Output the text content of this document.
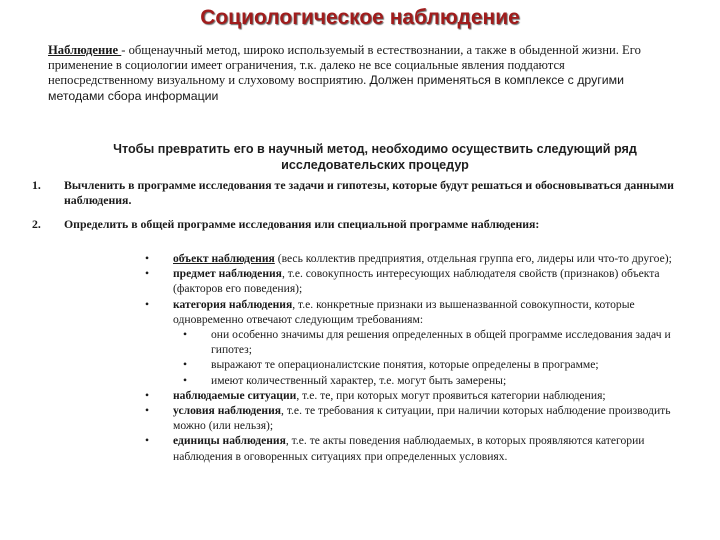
Социологическое наблюдение
Наблюдение - общенаучный метод, широко используемый в естествознании, а также в обыденной жизни. Его применение в социологии имеет ограничения, т.к. далеко не все социальные явления поддаются непосредственному визуальному и слуховому восприятию. Должен применяться в комплексе с другими методами сбора информации
Чтобы превратить его в научный метод, необходимо осуществить следующий ряд исследовательских процедур
1. Вычленить в программе исследования те задачи и гипотезы, которые будут решаться и обосновываться данными наблюдения.
2. Определить в общей программе исследования или специальной программе наблюдения:
• объект наблюдения (весь коллектив предприятия, отдельная группа его, лидеры или что-то другое);
• предмет наблюдения, т.е. совокупность интересующих наблюдателя свойств (признаков) объекта (факторов его поведения);
• категория наблюдения, т.е. конкретные признаки из вышеназванной совокупности, которые одновременно отвечают следующим требованиям:
• они особенно значимы для решения определенных в общей программе исследования задач и гипотез;
• выражают те операционалистские понятия, которые определены в программе;
• имеют количественный характер, т.е. могут быть замерены;
• наблюдаемые ситуации, т.е. те, при которых могут проявиться категории наблюдения;
• условия наблюдения, т.е. те требования к ситуации, при наличии которых наблюдение производить можно (или нельзя);
• единицы наблюдения, т.е. те акты поведения наблюдаемых, в которых проявляются категории наблюдения в оговоренных ситуациях при определенных условиях.
